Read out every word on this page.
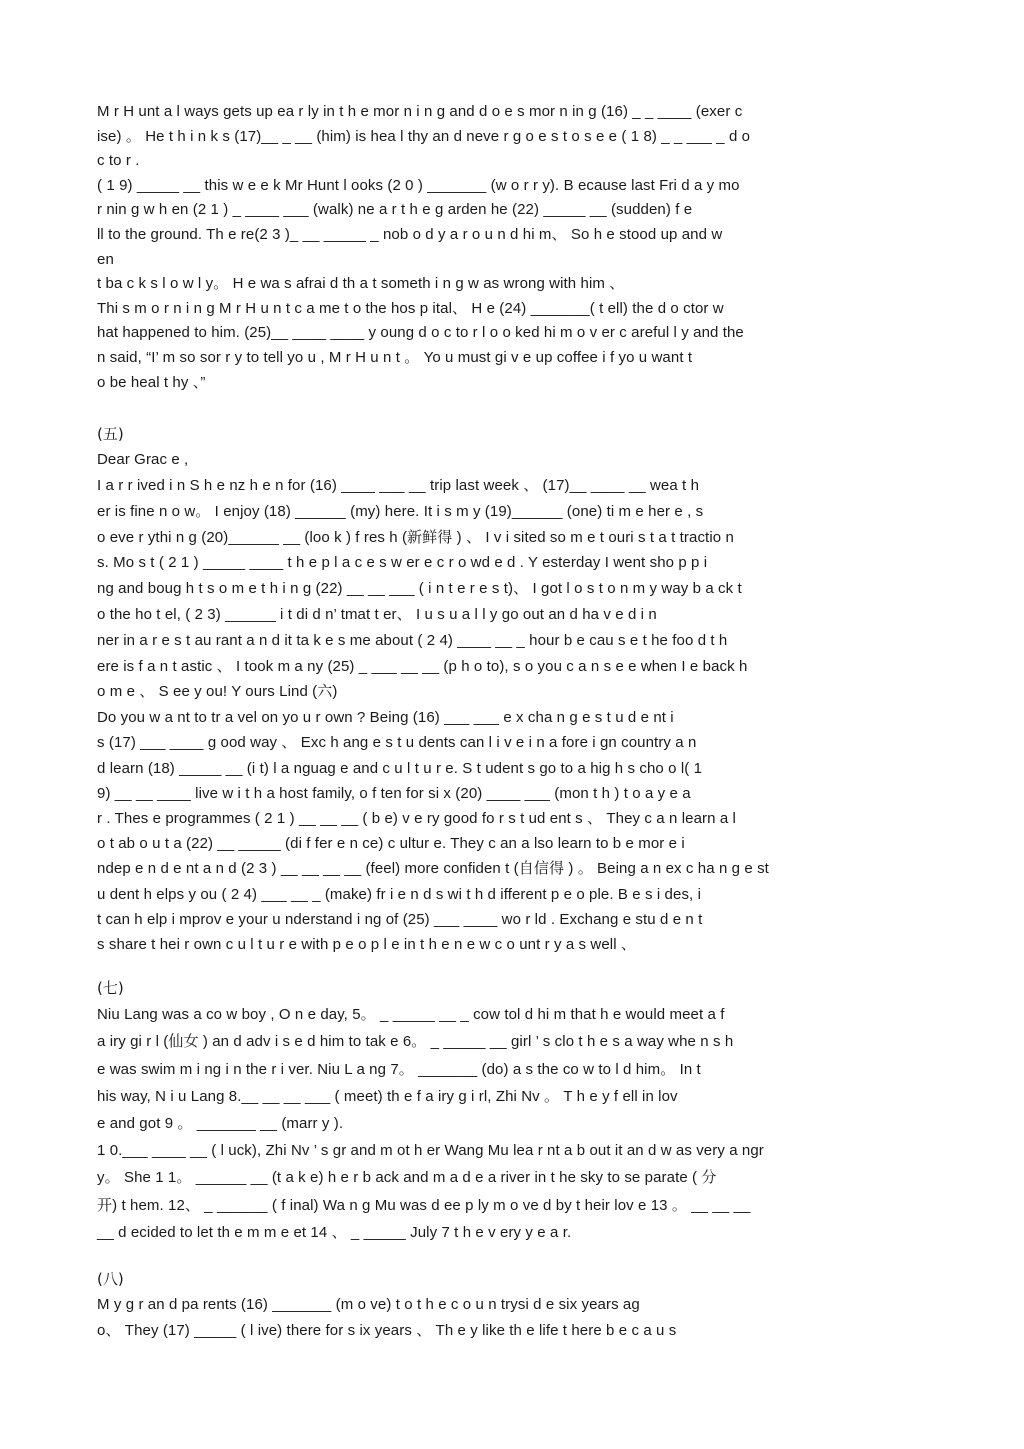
M r H unt a l ways gets up ea r ly in t h e mor n i n g and d o e s mor n in g (16) _ _ ____ (exer c
ise) 。 He t h i n k s (17)__ _ __ (him) is hea l thy an d neve r g o e s t o s e e ( 1 8) _ _ ___ _ d o
c to r .
( 1 9) _____ __ this w e e k Mr Hunt l ooks (2 0 ) _______ (w o r r y). B ecause last Fri d a y mo
r nin g w h en (2 1 ) _ ____ ___ (walk) ne a r t h e g arden he (22) _____ __ (sudden) f e
ll to the ground. Th e re(2 3 )_ __ _____ _ nob o d y a r o u n d hi m、 So h e stood up and w
en
t ba c k s l o w l y。 H e wa s afrai d th a t someth i n g w as wrong with him 、
Thi s m o r n i n g M r H u n t c a me t o the hos p ital、 H e (24) _______( t ell) the d o ctor w
hat happened to him. (25)__ ____ ____ y oung d o c to r l o o ked hi m o v er c areful l y and the
n said, “I’ m so sor r y to tell yo u , M r H u n t 。 Yo u must gi v e up coffee i f yo u want t
o be heal t hy 、”
(五)
Dear Grac e ,
I a r r ived i n S h e nz h e n for (16) ____ ___ __ trip last week 、 (17)__ ____ __ wea t h
er is fine n o w。 I enjoy (18) ______ (my) here. It i s m y (19)______ (one) ti m e her e , s
o eve r ythi n g (20)______ __ (loo k ) f res h (新鲜得 ) 、 I v i sited so m e t ouri s t a t tractio n
s. Mo s t ( 2 1 ) _____ ____ t h e p l a c e s w er e c r o wd e d . Y esterday I went sho p p i
ng and boug h t s o m e t h i n g (22) __ __ ___ ( i n t e r e s t)、 I got l o s t o n m y way b a ck t
o the ho t el, ( 2 3) ______ i t di d n’ tmat t er、 I u s u a l l y go out an d ha v e d i n
ner in a r e s t au rant a n d it ta k e s me about ( 2 4) ____ __ _ hour b e cau s e t he foo d t h
ere is f a n t astic 、 I took m a ny (25) _ ___ __ __ (p h o to), s o you c a n s e e when I e back h
o m e 、 S ee y ou! Y ours Lind (六)
Do you w a nt to tr a vel on yo u r own ? Being (16) ___ ___ e x cha n g e s t u d e nt i
s (17) ___ ____ g ood way 、 Exc h ang e s t u dents can l i v e i n a fore i gn country a n
d learn (18) _____ __ (i t) l a nguag e and c u l t u r e. S t udent s go to a hig h s cho o l( 1
9) __ __ ____ live w i t h a host family, o f ten for si x (20) ____ ___ (mon t h ) t o a y e a
r . Thes e programmes ( 2 1 ) __ __ __ ( b e) v e ry good fo r s t ud ent s 、 They c a n learn a l
o t ab o u t a (22) __ _____ (di f fer e n ce) c ultur e. They c an a lso learn to b e mor e i
ndep e n d e nt a n d (2 3 ) __ __ __ __ (feel) more confiden t (自信得 ) 。 Being a n ex c ha n g e st
u dent h elps y ou ( 2 4) ___ __ _ (make) fr i e n d s wi t h d ifferent p e o ple. B e s i des, i
t can h elp i mprov e your u nderstand i ng of (25) ___ ____ wo r ld . Exchang e stu d e n t
s share t hei r own c u l t u r e with p e o p l e in t h e n e w c o unt r y a s well 、
(七)
Niu Lang was a co w boy , O n e day, 5。 _ _____ __ _ cow tol d hi m that h e would meet a f
a iry gi r l (仙女 ) an d adv i s e d him to tak e 6。 _ _____ __ girl ’ s clo t h e s a way whe n s h
e was swim m i ng i n the r i ver. Niu L a ng 7。 _______ (do) a s the co w to l d him。 In t
his way, N i u Lang 8.__ __ __ ___ ( meet) th e f a iry g i rl, Zhi Nv 。 T h e y f ell in lov
e and got 9 。 _______ __ (marr y ).
1 0.___ ____ __ ( l uck), Zhi Nv ’ s gr and m ot h er Wang Mu lea r nt a b out it an d w as very a ngr
y。 She 1 1。 ______ __ (t a k e) h e r b ack and m a d e a river in t he sky to se parate ( 分
开) t hem. 12、 _ ______ ( f inal) Wa n g Mu was d ee p ly m o ve d by t heir lov e 13 。 __ __ __
__ d ecided to let th e m m e et 14 、 _ _____ July 7 t h e v ery y e a r.
(八)
M y g r an d pa rents (16) _______ (m o ve) t o t h e c o u n trysi d e six years ag
o、 They (17) _____ ( l ive) there for s ix years 、 Th e y like th e life t here b e c a u s
